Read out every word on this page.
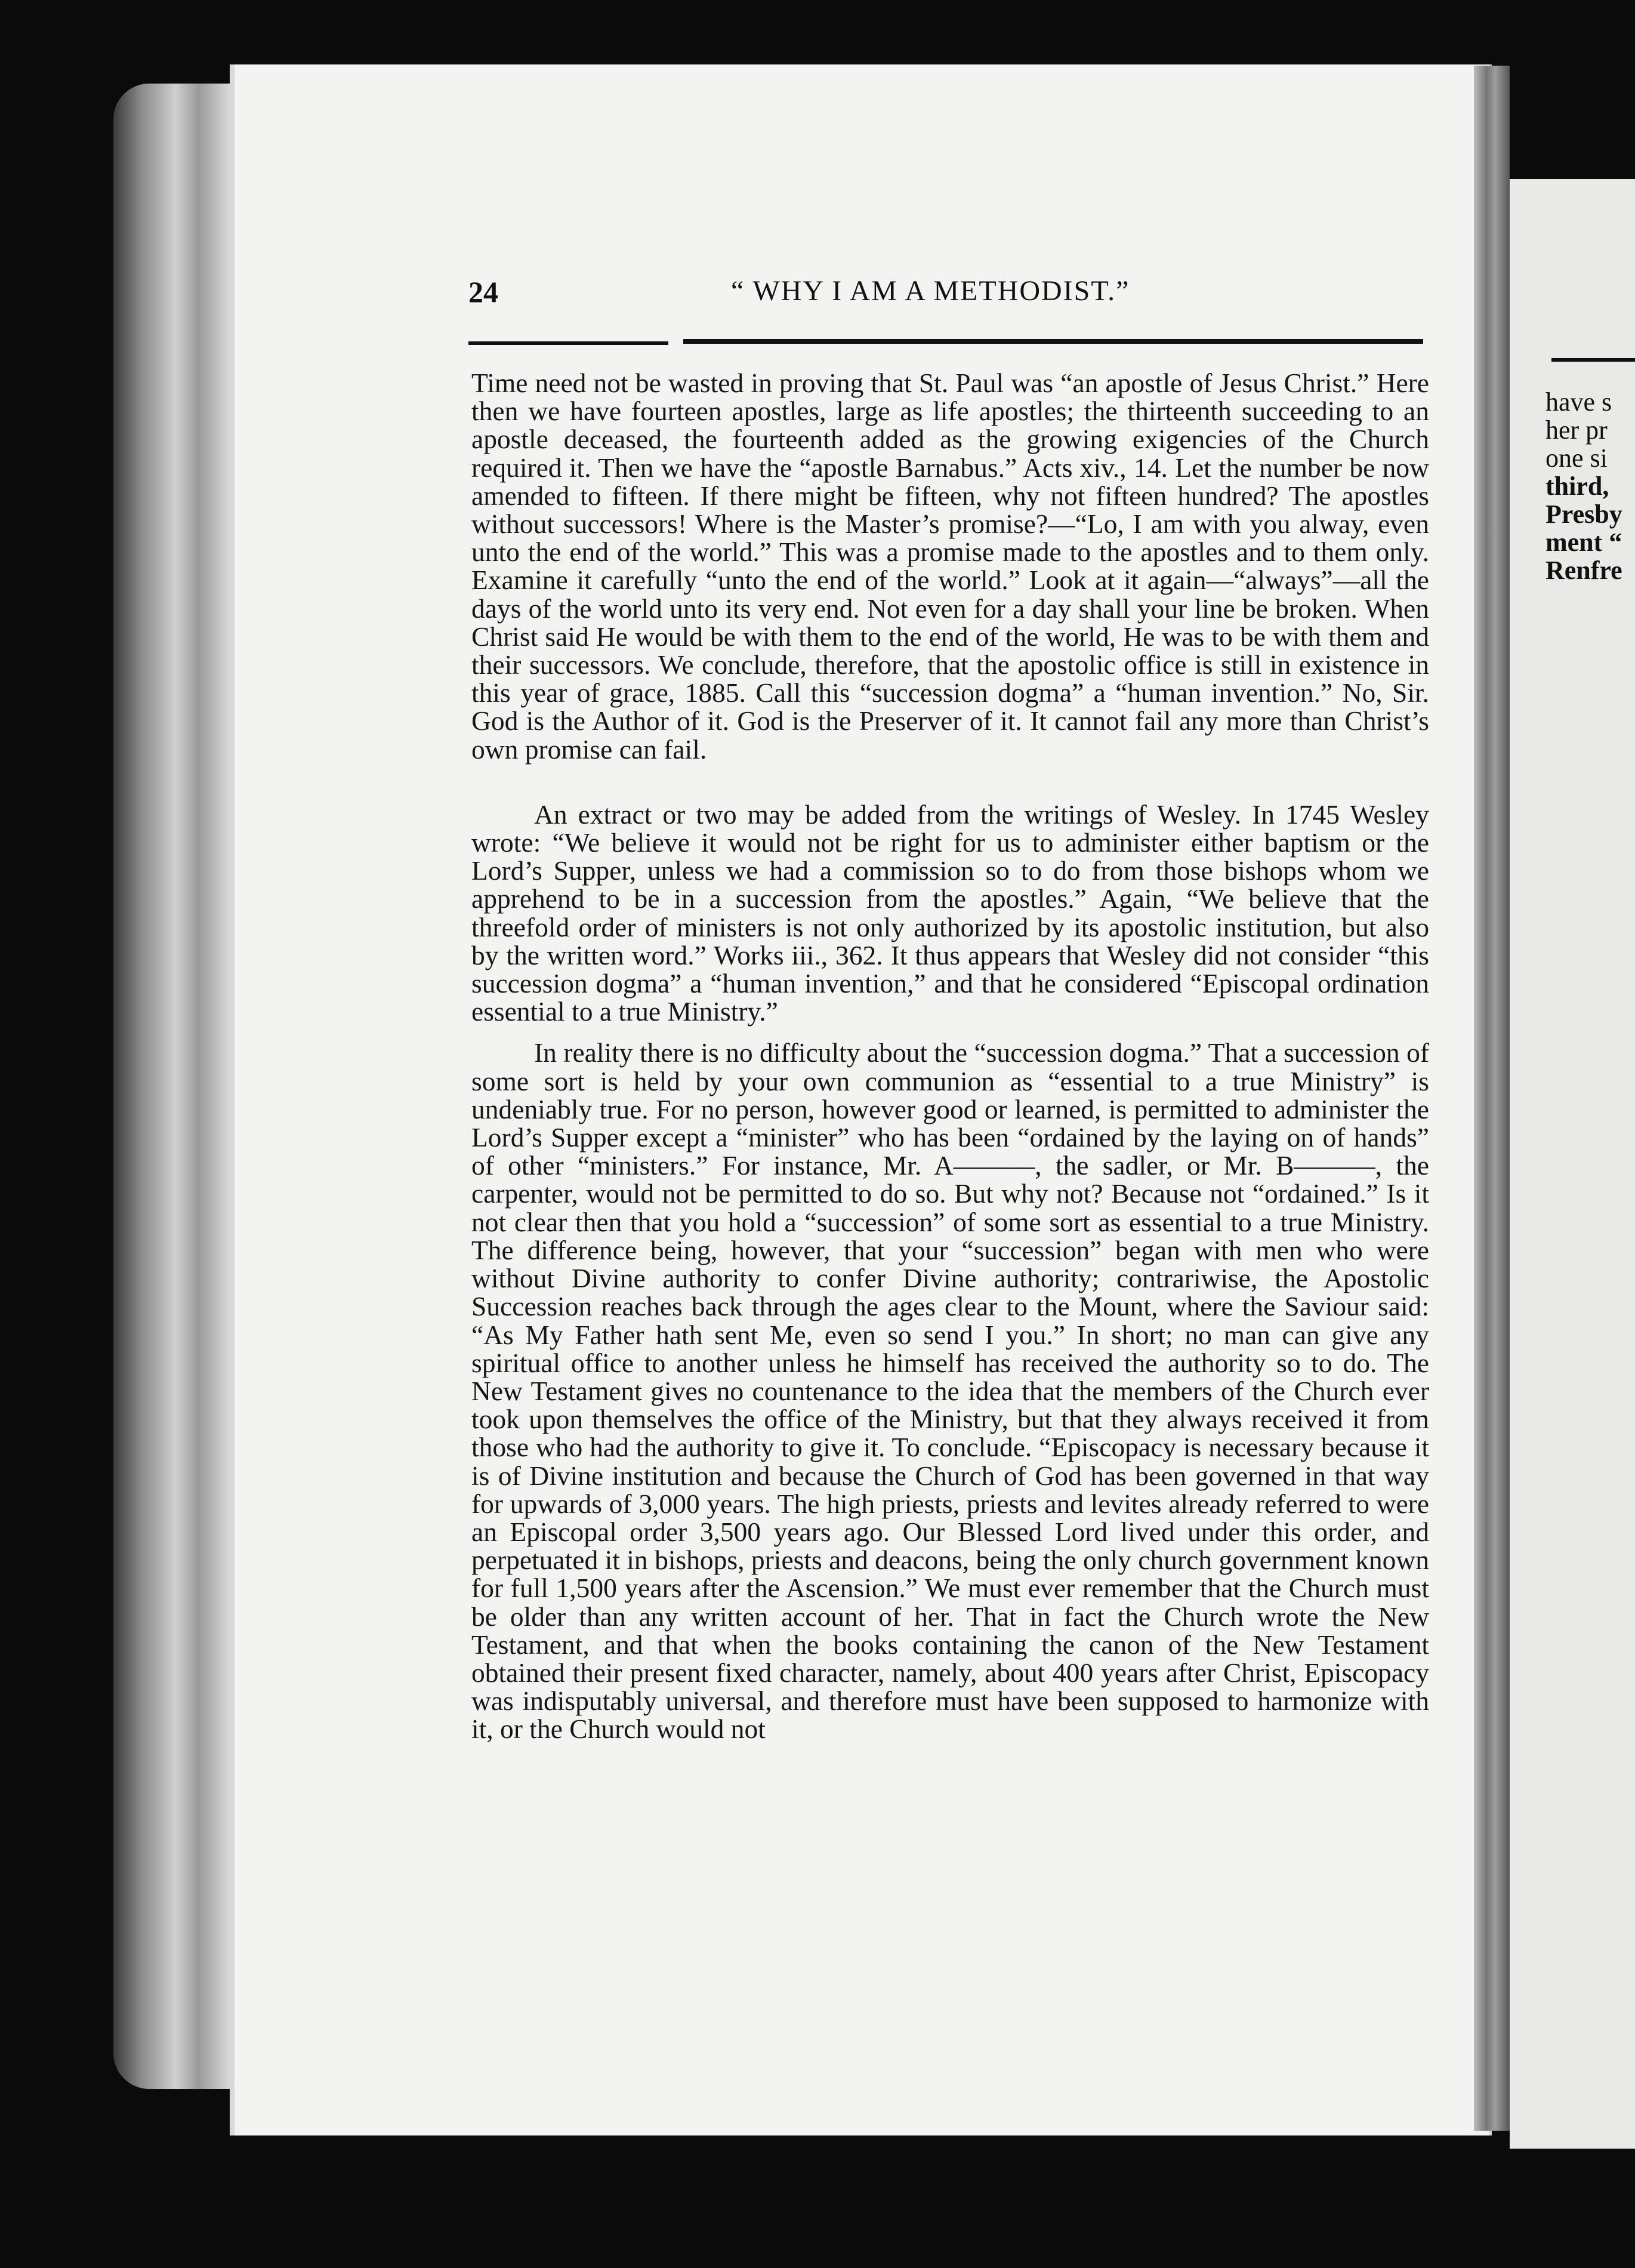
have s
her pr
one si
third,
Presby
ment “
Renfre
24	“ WHY I AM A METHODIST.”

Time need not be wasted in proving that St. Paul was “an apostle of Jesus Christ.” Here then we have fourteen apostles, large as life apostles; the thirteenth succeeding to an apostle deceased, the fourteenth added as the growing exigencies of the Church required it. Then we have the “apostle Barnabus.” Acts xiv., 14. Let the number be now amended to fifteen. If there might be fifteen, why not fifteen hundred? The apostles without successors! Where is the Master’s promise?—“Lo, I am with you alway, even unto the end of the world.” This was a promise made to the apostles and to them only. Examine it carefully “unto the end of the world.” Look at it again—“always”—all the days of the world unto its very end. Not even for a day shall your line be broken. When Christ said He would be with them to the end of the world, He was to be with them and their successors. We conclude, therefore, that the apostolic office is still in existence in this year of grace, 1885. Call this “succession dogma” a “human invention.” No, Sir. God is the Author of it. God is the Preserver of it. It cannot fail any more than Christ’s own promise can fail.

An extract or two may be added from the writings of Wesley. In 1745 Wesley wrote: “We believe it would not be right for us to administer either baptism or the Lord’s Supper, unless we had a commission so to do from those bishops whom we apprehend to be in a succession from the apostles.” Again, “We believe that the threefold order of ministers is not only authorized by its apostolic institution, but also by the written word.” Works iii., 362. It thus appears that Wesley did not consider “this succession dogma” a “human invention,” and that he considered “Episcopal ordination essential to a true Ministry.”

In reality there is no difficulty about the “succession dogma.” That a succession of some sort is held by your own communion as “essential to a true Ministry” is undeniably true. For no person, however good or learned, is permitted to administer the Lord’s Supper except a “minister” who has been “ordained by the laying on of hands” of other “ministers.” For instance, Mr. A———, the sadler, or Mr. B———, the carpenter, would not be permitted to do so. But why not? Because not “ordained.” Is it not clear then that you hold a “succession” of some sort as essential to a true Ministry. The difference being, however, that your “succession” began with men who were without Divine authority to confer Divine authority; contrariwise, the Apostolic Succession reaches back through the ages clear to the Mount, where the Saviour said: “As My Father hath sent Me, even so send I you.” In short; no man can give any spiritual office to another unless he himself has received the authority so to do. The New Testament gives no countenance to the idea that the members of the Church ever took upon themselves the office of the Ministry, but that they always received it from those who had the authority to give it. To conclude. “Episcopacy is necessary because it is of Divine institution and because the Church of God has been governed in that way for upwards of 3,000 years. The high priests, priests and levites already referred to were an Episcopal order 3,500 years ago. Our Blessed Lord lived under this order, and perpetuated it in bishops, priests and deacons, being the only church government known for full 1,500 years after the Ascension.” We must ever remember that the Church must be older than any written account of her. That in fact the Church wrote the New Testament, and that when the books containing the canon of the New Testament obtained their present fixed character, namely, about 400 years after Christ, Episcopacy was indisputably universal, and therefore must have been supposed to harmonize with it, or the Church would not
